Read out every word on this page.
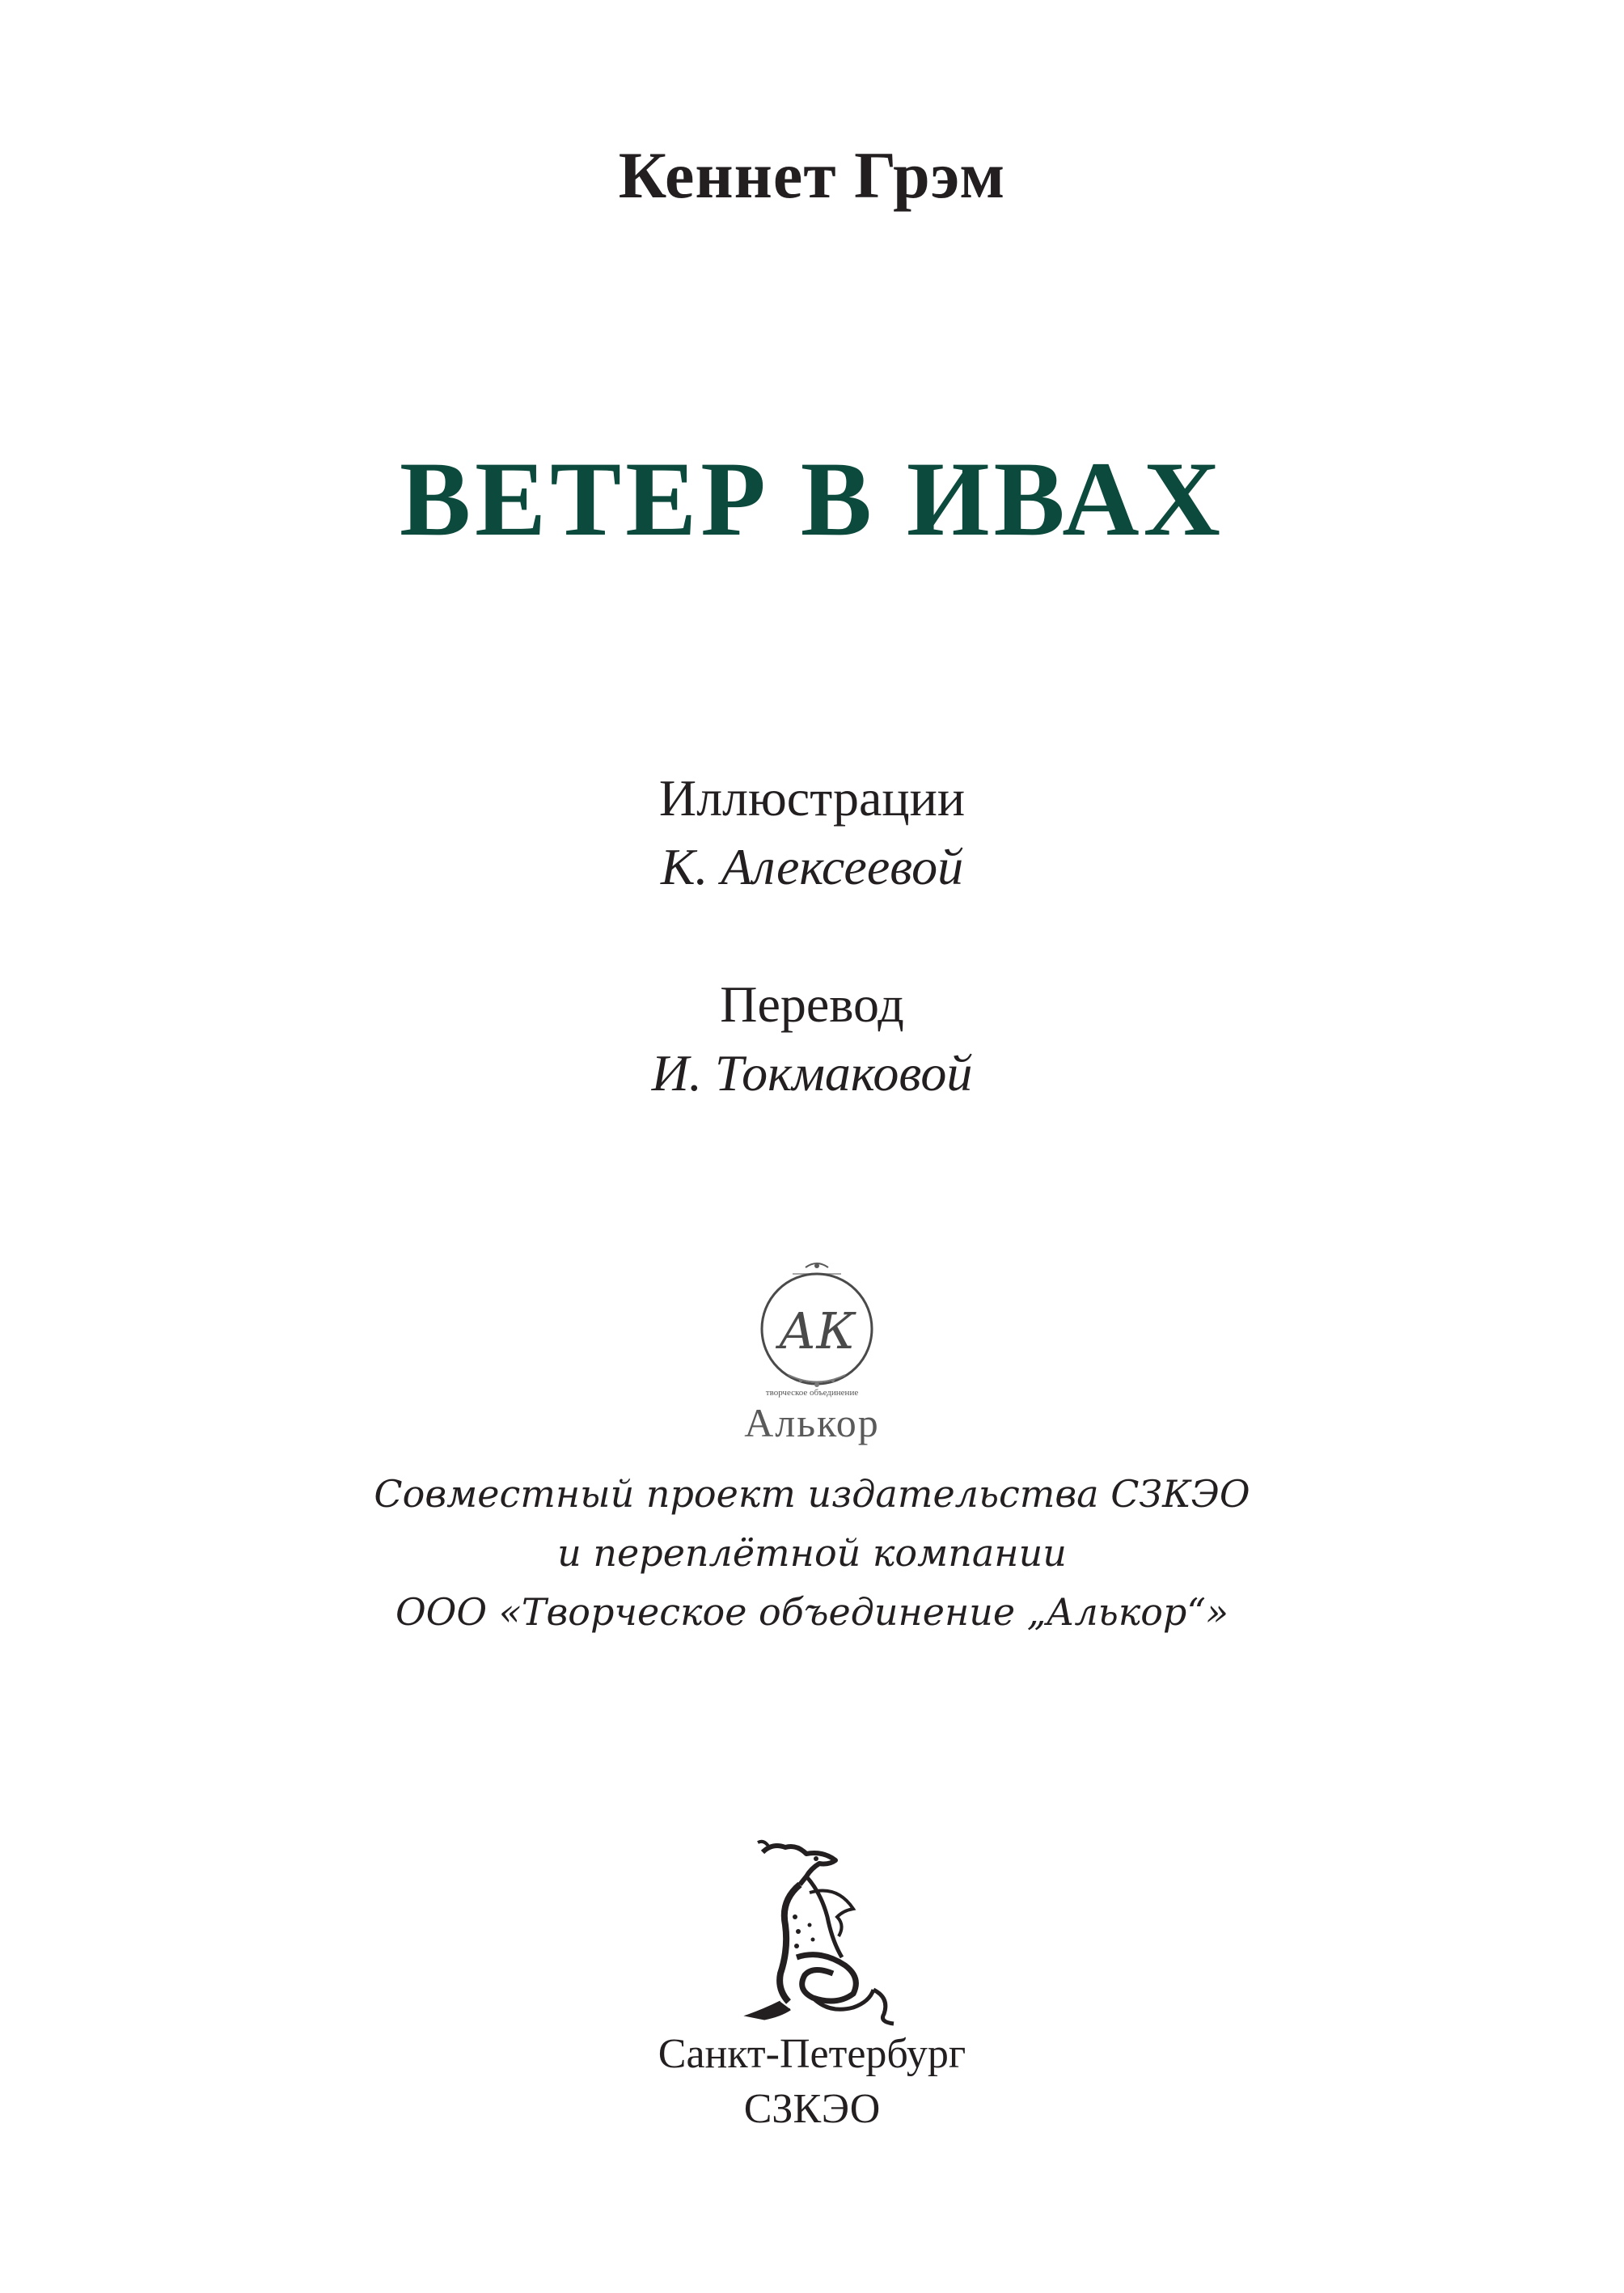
Кеннет Грэм
ВЕТЕР В ИВАХ
Иллюстрации
К. Алексеевой
Перевод
И. Токмаковой
АК
творческое объединение
Алькор
Совместный проект издательства СЗКЭО
и переплётной компании
ООО «Творческое объединение „Алькор“»
Санкт-Петербург
СЗКЭО
